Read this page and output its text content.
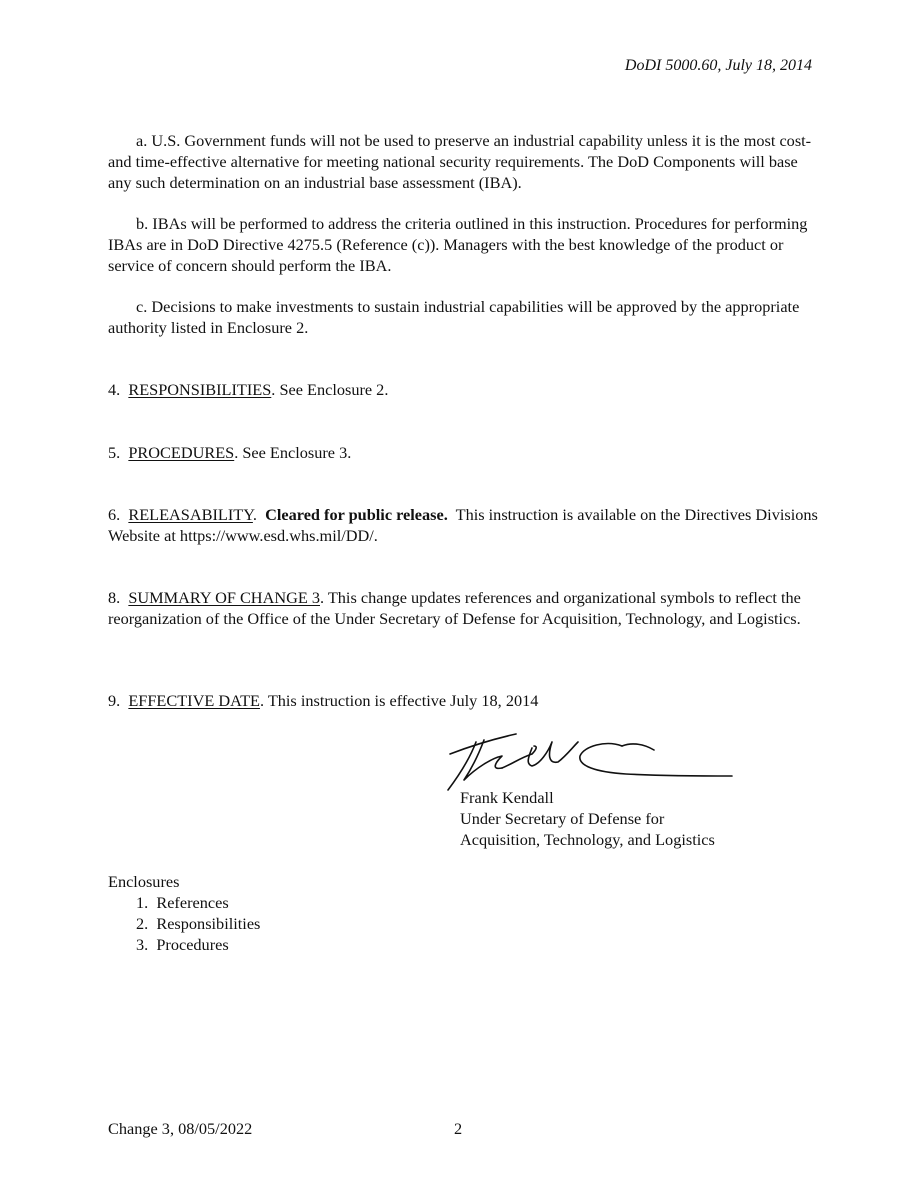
DoDI 5000.60, July 18, 2014
a. U.S. Government funds will not be used to preserve an industrial capability unless it is the most cost- and time-effective alternative for meeting national security requirements. The DoD Components will base any such determination on an industrial base assessment (IBA).
b. IBAs will be performed to address the criteria outlined in this instruction. Procedures for performing IBAs are in DoD Directive 4275.5 (Reference (c)). Managers with the best knowledge of the product or service of concern should perform the IBA.
c. Decisions to make investments to sustain industrial capabilities will be approved by the appropriate authority listed in Enclosure 2.
4. RESPONSIBILITIES. See Enclosure 2.
5. PROCEDURES. See Enclosure 3.
6. RELEASABILITY.  Cleared for public release.  This instruction is available on the Directives Divisions Website at https://www.esd.whs.mil/DD/.
8. SUMMARY OF CHANGE 3. This change updates references and organizational symbols to reflect the reorganization of the Office of the Under Secretary of Defense for Acquisition, Technology, and Logistics.
9. EFFECTIVE DATE. This instruction is effective July 18, 2014
Frank Kendall
Under Secretary of Defense for
Acquisition, Technology, and Logistics
Enclosures
1.  References
2.  Responsibilities
3.  Procedures
Change 3, 08/05/2022	2
